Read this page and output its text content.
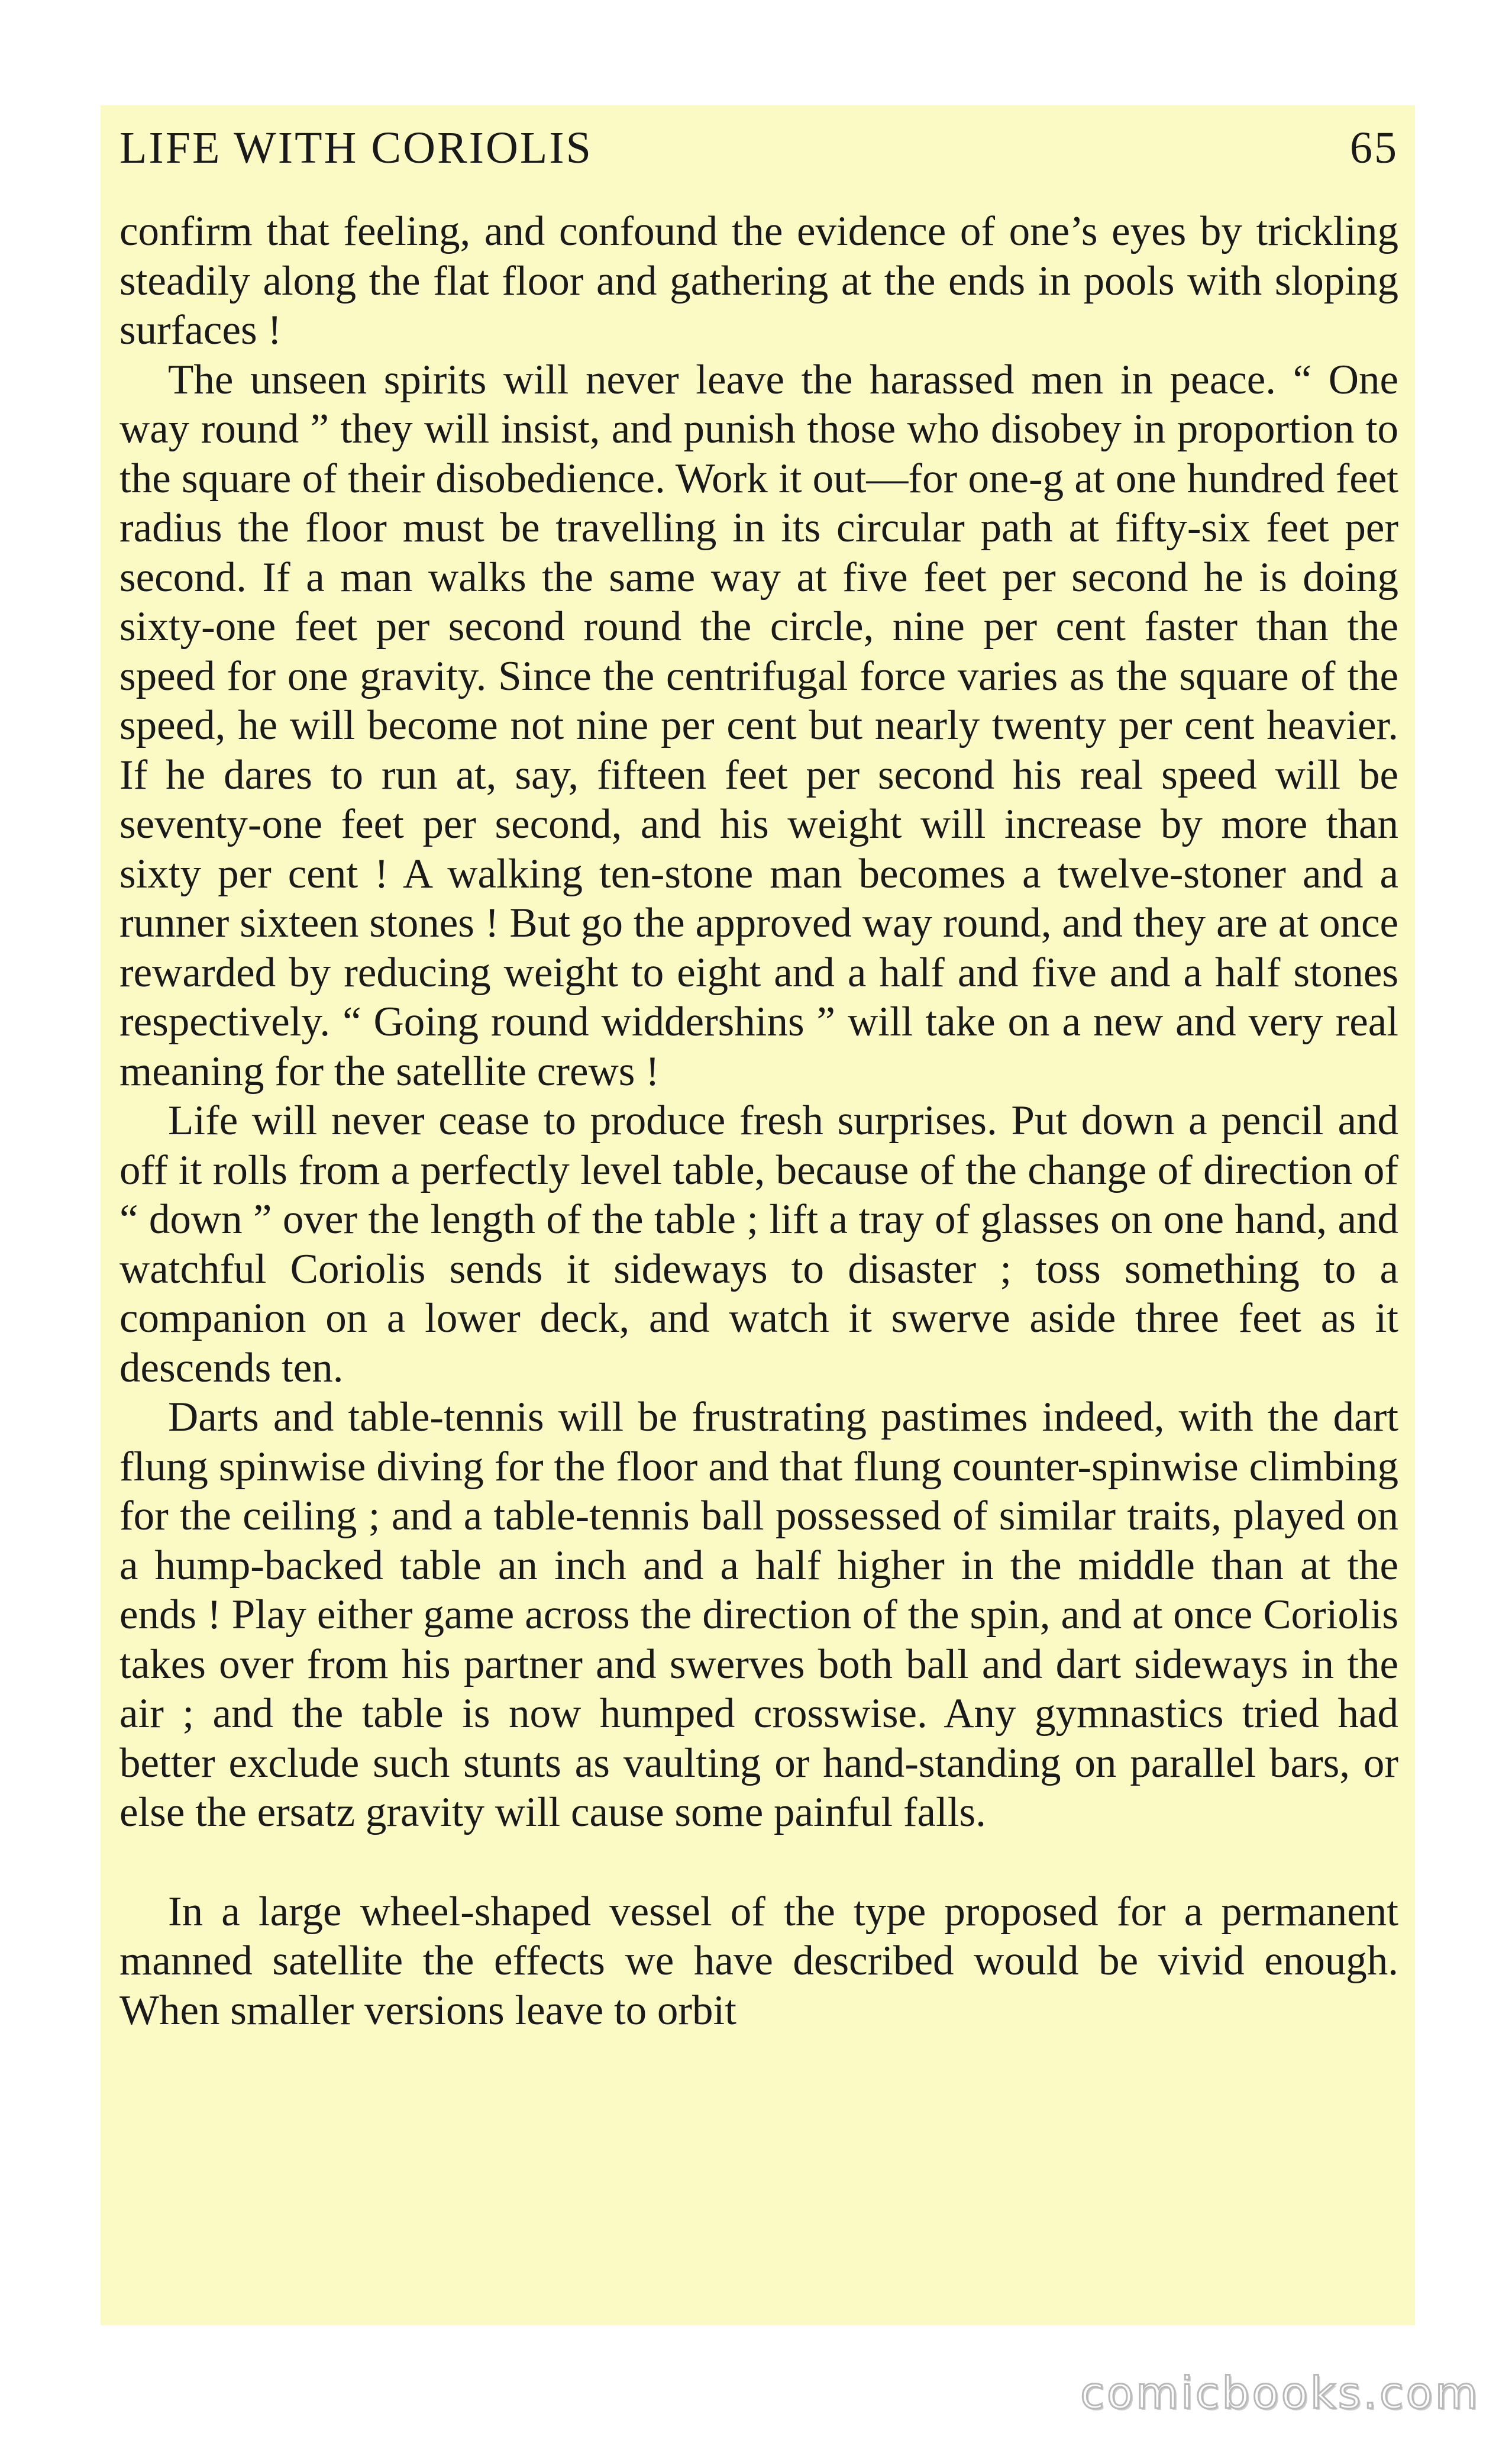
LIFE WITH CORIOLIS	65

confirm that feeling, and confound the evidence of one’s eyes by trickling steadily along the flat floor and gathering at the ends in pools with sloping surfaces !

The unseen spirits will never leave the harassed men in peace. “ One way round ” they will insist, and punish those who disobey in proportion to the square of their disobedience. Work it out—for one-g at one hundred feet radius the floor must be travelling in its circular path at fifty-six feet per second. If a man walks the same way at five feet per second he is doing sixty-one feet per second round the circle, nine per cent faster than the speed for one gravity. Since the centrifugal force varies as the square of the speed, he will become not nine per cent but nearly twenty per cent heavier. If he dares to run at, say, fifteen feet per second his real speed will be seventy-one feet per second, and his weight will increase by more than sixty per cent ! A walking ten-stone man becomes a twelve-stoner and a runner sixteen stones ! But go the approved way round, and they are at once rewarded by reducing weight to eight and a half and five and a half stones respectively. “ Going round widdershins ” will take on a new and very real meaning for the satellite crews !

Life will never cease to produce fresh surprises. Put down a pencil and off it rolls from a perfectly level table, because of the change of direction of “ down ” over the length of the table ; lift a tray of glasses on one hand, and watchful Coriolis sends it sideways to disaster ; toss something to a companion on a lower deck, and watch it swerve aside three feet as it descends ten.

Darts and table-tennis will be frustrating pastimes indeed, with the dart flung spinwise diving for the floor and that flung counter-spinwise climbing for the ceiling ; and a table-tennis ball possessed of similar traits, played on a hump-backed table an inch and a half higher in the middle than at the ends ! Play either game across the direction of the spin, and at once Coriolis takes over from his partner and swerves both ball and dart sideways in the air ; and the table is now humped crosswise. Any gymnastics tried had better exclude such stunts as vaulting or hand-standing on parallel bars, or else the ersatz gravity will cause some painful falls.

In a large wheel-shaped vessel of the type proposed for a permanent manned satellite the effects we have described would be vivid enough. When smaller versions leave to orbit

comicbooks.com
